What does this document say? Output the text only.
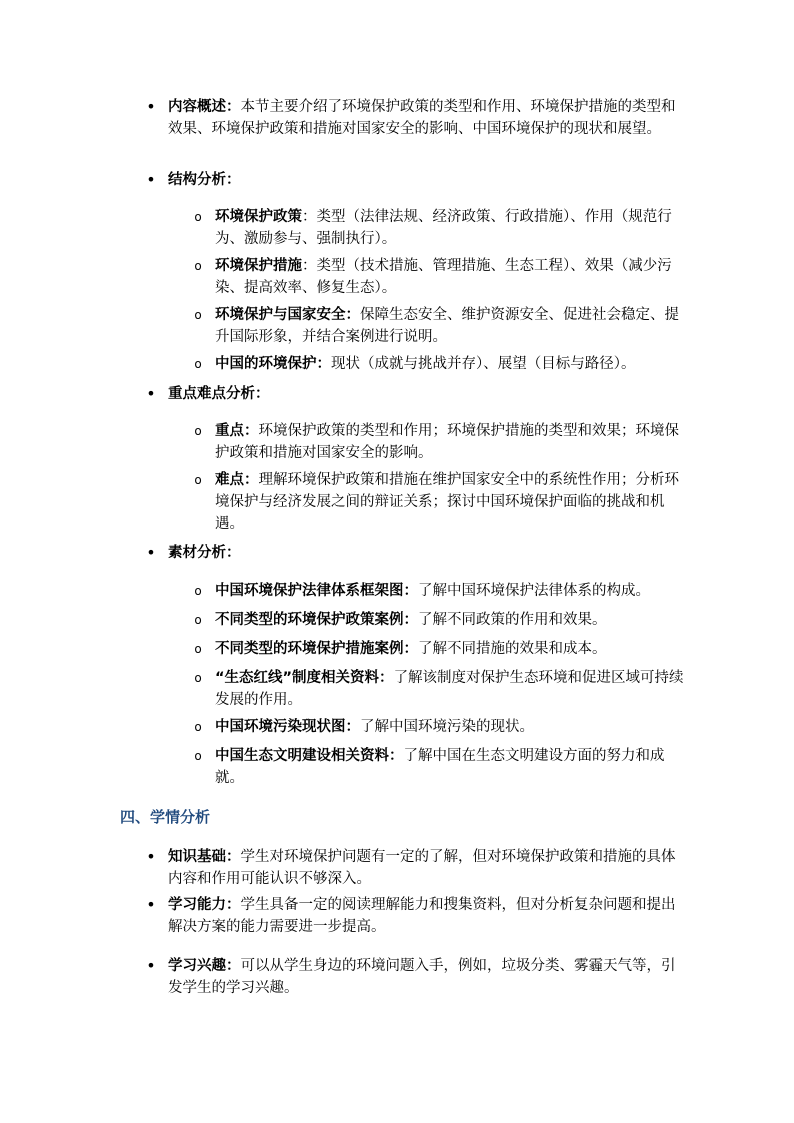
• 内容概述：本节主要介绍了环境保护政策的类型和作用、环境保护措施的类型和效果、环境保护政策和措施对国家安全的影响、中国环境保护的现状和展望。
• 结构分析：
o 环境保护政策：类型（法律法规、经济政策、行政措施）、作用（规范行为、激励参与、强制执行）。
o 环境保护措施：类型（技术措施、管理措施、生态工程）、效果（减少污染、提高效率、修复生态）。
o 环境保护与国家安全：保障生态安全、维护资源安全、促进社会稳定、提升国际形象，并结合案例进行说明。
o 中国的环境保护：现状（成就与挑战并存）、展望（目标与路径）。
• 重点难点分析：
o 重点：环境保护政策的类型和作用；环境保护措施的类型和效果；环境保护政策和措施对国家安全的影响。
o 难点：理解环境保护政策和措施在维护国家安全中的系统性作用；分析环境保护与经济发展之间的辩证关系；探讨中国环境保护面临的挑战和机遇。
• 素材分析：
o 中国环境保护法律体系框架图：了解中国环境保护法律体系的构成。
o 不同类型的环境保护政策案例：了解不同政策的作用和效果。
o 不同类型的环境保护措施案例：了解不同措施的效果和成本。
o “生态红线”制度相关资料：了解该制度对保护生态环境和促进区域可持续发展的作用。
o 中国环境污染现状图：了解中国环境污染的现状。
o 中国生态文明建设相关资料：了解中国在生态文明建设方面的努力和成就。
四、学情分析
• 知识基础：学生对环境保护问题有一定的了解，但对环境保护政策和措施的具体内容和作用可能认识不够深入。
• 学习能力：学生具备一定的阅读理解能力和搜集资料，但对分析复杂问题和提出解决方案的能力需要进一步提高。
• 学习兴趣：可以从学生身边的环境问题入手，例如，垃圾分类、雾霾天气等，引发学生的学习兴趣。
